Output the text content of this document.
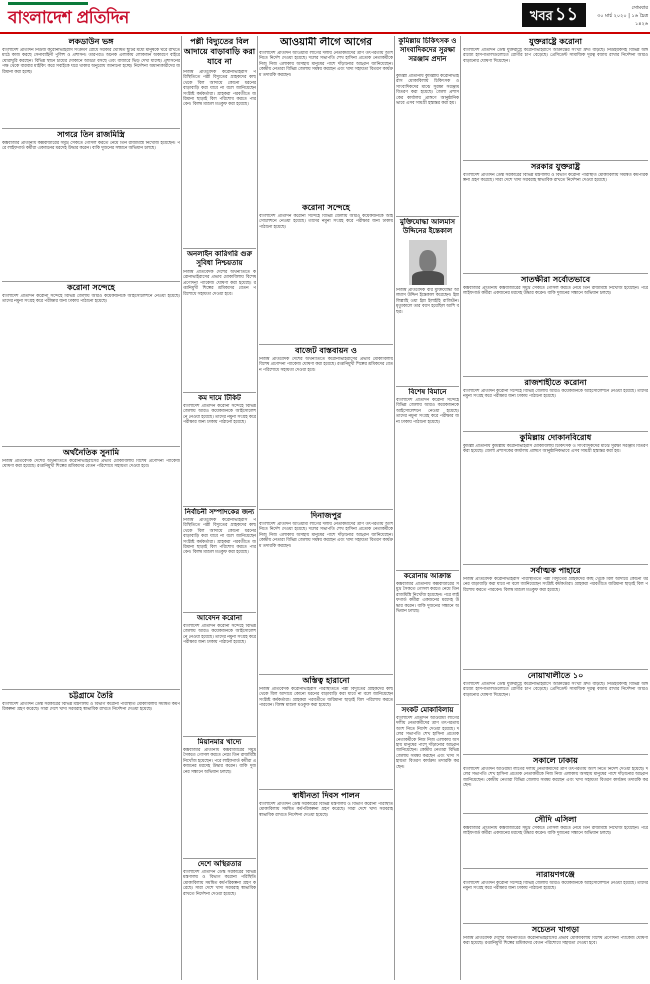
বাংলাদেশ প্রতিদিন	খবর ১১	সোমবার
৩০ মার্চ ২০২০ | ১৬ চৈত্র ১৪২৬
লকডাউন ভঙ্গ
বাংলাদেশ প্রতিদিন নিউজ করোনাভাইরাস সংক্রমণ রোধে সরকার ঘোষিত ছুটির মধ্যে মানুষকে ঘরে রাখতে মাঠে কাজ করছে সেনাবাহিনী পুলিশ ও প্রশাসন। তারপরও অনেক এলাকায় লোকজন অকারণে বাইরে ঘোরাঘুরি করছেন। বিভিন্ন স্থানে চায়ের দোকানে আড্ডা বসছে এবং বাজারে ভিড় দেখা যাচ্ছে। প্রশাসনের পক্ষ থেকে বারবার মাইকিং করে সবাইকে ঘরে থাকার অনুরোধ জানানো হচ্ছে। নির্দেশনা অমান্যকারীদের জরিমানা করা হচ্ছে।
সাগরে তিন রাজমিস্ত্রি
কক্সবাজার প্রতিনিধি কক্সবাজারের সমুদ্র সৈকতে গোসল করতে নেমে তিন রাজমিস্ত্রি নিখোঁজ হয়েছেন। পরে লাইফগার্ড কর্মীরা একজনের মরদেহ উদ্ধার করেন। বাকি দুজনের সন্ধানে অভিযান চলছে।
করোনা সন্দেহে
বাংলাদেশ প্রতিদিন করোনা সন্দেহে বিভিন্ন জেলায় আরও কয়েকজনকে আইসোলেশনে নেওয়া হয়েছে। তাদের নমুনা সংগ্রহ করে পরীক্ষার জন্য ঢাকায় পাঠানো হয়েছে।
অর্থনৈতিক সুনামি
নিজস্ব প্রতিবেদক দেশের অর্থনীতিতে করোনাভাইরাসের প্রভাব মোকাবিলায় বিশেষ প্রণোদনা প্যাকেজ ঘোষণা করা হয়েছে। রপ্তানিমুখী শিল্পের শ্রমিকদের বেতন পরিশোধে সহায়তা দেওয়া হবে।
চট্টগ্রামে তৈরি
বাংলাদেশ প্রতিদিন ডেস্ক সরকারের বিভিন্ন মন্ত্রণালয় ও বিভাগ করোনা পরিস্থিতি মোকাবিলায় সমন্বিত কর্মপরিকল্পনা গ্রহণ করেছে। সারা দেশে খাদ্য সরবরাহ স্বাভাবিক রাখতে নির্দেশনা দেওয়া হয়েছে।
পল্লী বিদ্যুতের বিল আদায়ে বাড়াবাড়ি করা যাবে না
নিজস্ব প্রতিবেদক করোনাভাইরাস পরিস্থিতিতে পল্লী বিদ্যুতের গ্রাহকদের কাছ থেকে বিল আদায়ে কোনো ধরনের বাড়াবাড়ি করা যাবে না বলে জানিয়েছেন সংশ্লিষ্ট কর্মকর্তারা। গ্রাহকরা পরবর্তীতে জরিমানা ছাড়াই বিল পরিশোধ করতে পারবেন। বিলম্ব মাশুল মওকুফ করা হয়েছে।
অনলাইন কারিগরি গুরু সুবিধা নিশ্চয়তায়
নিজস্ব প্রতিবেদক দেশের অর্থনীতিতে করোনাভাইরাসের প্রভাব মোকাবিলায় বিশেষ প্রণোদনা প্যাকেজ ঘোষণা করা হয়েছে। রপ্তানিমুখী শিল্পের শ্রমিকদের বেতন পরিশোধে সহায়তা দেওয়া হবে।
কম দামে টিকিট
বাংলাদেশ প্রতিদিন করোনা সন্দেহে বিভিন্ন জেলায় আরও কয়েকজনকে আইসোলেশনে নেওয়া হয়েছে। তাদের নমুনা সংগ্রহ করে পরীক্ষার জন্য ঢাকায় পাঠানো হয়েছে।
নির্বাচনী সম্পাদকের জন্য
নিজস্ব প্রতিবেদক করোনাভাইরাস পরিস্থিতিতে পল্লী বিদ্যুতের গ্রাহকদের কাছ থেকে বিল আদায়ে কোনো ধরনের বাড়াবাড়ি করা যাবে না বলে জানিয়েছেন সংশ্লিষ্ট কর্মকর্তারা। গ্রাহকরা পরবর্তীতে জরিমানা ছাড়াই বিল পরিশোধ করতে পারবেন। বিলম্ব মাশুল মওকুফ করা হয়েছে।
আবেদন করোনা
বাংলাদেশ প্রতিদিন করোনা সন্দেহে বিভিন্ন জেলায় আরও কয়েকজনকে আইসোলেশনে নেওয়া হয়েছে। তাদের নমুনা সংগ্রহ করে পরীক্ষার জন্য ঢাকায় পাঠানো হয়েছে।
মিয়ানমার খাদ্যে
কক্সবাজার প্রতিনিধি কক্সবাজারের সমুদ্র সৈকতে গোসল করতে নেমে তিন রাজমিস্ত্রি নিখোঁজ হয়েছেন। পরে লাইফগার্ড কর্মীরা একজনের মরদেহ উদ্ধার করেন। বাকি দুজনের সন্ধানে অভিযান চলছে।
দেশে অস্থিরতার
বাংলাদেশ প্রতিদিন ডেস্ক সরকারের বিভিন্ন মন্ত্রণালয় ও বিভাগ করোনা পরিস্থিতি মোকাবিলায় সমন্বিত কর্মপরিকল্পনা গ্রহণ করেছে। সারা দেশে খাদ্য সরবরাহ স্বাভাবিক রাখতে নির্দেশনা দেওয়া হয়েছে।
আওয়ামী লীগে আগের
বাংলাদেশ প্রতিদিন আওয়ামী লীগের দলীয় নেতাকর্মীদের ত্রাণ তৎপরতায় অংশ নিতে নির্দেশ দেওয়া হয়েছে। দলের সভাপতি শেখ হাসিনা প্রত্যেক নেতাকর্মীকে নিজ নিজ এলাকায় অসহায় মানুষের পাশে দাঁড়ানোর আহ্বান জানিয়েছেন। কেন্দ্রীয় নেতারা বিভিন্ন জেলায় সমন্বয় করছেন এবং খাদ্য সহায়তা বিতরণ কার্যক্রম তদারকি করছেন।
করোনা সন্দেহে
বাংলাদেশ প্রতিদিন করোনা সন্দেহে বিভিন্ন জেলায় আরও কয়েকজনকে আইসোলেশনে নেওয়া হয়েছে। তাদের নমুনা সংগ্রহ করে পরীক্ষার জন্য ঢাকায় পাঠানো হয়েছে।
বাজেট বাস্তবায়ন ও
নিজস্ব প্রতিবেদক দেশের অর্থনীতিতে করোনাভাইরাসের প্রভাব মোকাবিলায় বিশেষ প্রণোদনা প্যাকেজ ঘোষণা করা হয়েছে। রপ্তানিমুখী শিল্পের শ্রমিকদের বেতন পরিশোধে সহায়তা দেওয়া হবে।
দিনাজপুর
বাংলাদেশ প্রতিদিন আওয়ামী লীগের দলীয় নেতাকর্মীদের ত্রাণ তৎপরতায় অংশ নিতে নির্দেশ দেওয়া হয়েছে। দলের সভাপতি শেখ হাসিনা প্রত্যেক নেতাকর্মীকে নিজ নিজ এলাকায় অসহায় মানুষের পাশে দাঁড়ানোর আহ্বান জানিয়েছেন। কেন্দ্রীয় নেতারা বিভিন্ন জেলায় সমন্বয় করছেন এবং খাদ্য সহায়তা বিতরণ কার্যক্রম তদারকি করছেন।
অস্তিত্ব হারানো
নিজস্ব প্রতিবেদক করোনাভাইরাস পরিস্থিতিতে পল্লী বিদ্যুতের গ্রাহকদের কাছ থেকে বিল আদায়ে কোনো ধরনের বাড়াবাড়ি করা যাবে না বলে জানিয়েছেন সংশ্লিষ্ট কর্মকর্তারা। গ্রাহকরা পরবর্তীতে জরিমানা ছাড়াই বিল পরিশোধ করতে পারবেন। বিলম্ব মাশুল মওকুফ করা হয়েছে।
স্বাধীনতা দিবস পালন
বাংলাদেশ প্রতিদিন ডেস্ক সরকারের বিভিন্ন মন্ত্রণালয় ও বিভাগ করোনা পরিস্থিতি মোকাবিলায় সমন্বিত কর্মপরিকল্পনা গ্রহণ করেছে। সারা দেশে খাদ্য সরবরাহ স্বাভাবিক রাখতে নির্দেশনা দেওয়া হয়েছে।
কুমিল্লায় চিকিৎসক ও সাংবাদিকদের সুরক্ষা সরঞ্জাম প্রদান
কুমিল্লা প্রতিনিধি কুমিল্লায় করোনাভাইরাস মোকাবিলায় চিকিৎসক ও সাংবাদিকদের মাঝে সুরক্ষা সরঞ্জাম বিতরণ করা হয়েছে। জেলা প্রশাসকের কার্যালয় প্রাঙ্গণে আনুষ্ঠানিকভাবে এসব সামগ্রী হস্তান্তর করা হয়।
মুক্তিযোদ্ধা আলমাস উদ্দিনের ইন্তেকাল
নিজস্ব প্রতিবেদক বীর মুক্তিযোদ্ধা আলমাস উদ্দিন ইন্তেকাল করেছেন। ইন্না লিল্লাহি ওয়া ইন্না ইলাইহি রাজিউন। মৃত্যুকালে তার বয়স হয়েছিল আশি বছর।
বিশেষ বিমানে
বাংলাদেশ প্রতিদিন করোনা সন্দেহে বিভিন্ন জেলায় আরও কয়েকজনকে আইসোলেশনে নেওয়া হয়েছে। তাদের নমুনা সংগ্রহ করে পরীক্ষার জন্য ঢাকায় পাঠানো হয়েছে।
করোনায় আক্রান্ত
কক্সবাজার প্রতিনিধি কক্সবাজারের সমুদ্র সৈকতে গোসল করতে নেমে তিন রাজমিস্ত্রি নিখোঁজ হয়েছেন। পরে লাইফগার্ড কর্মীরা একজনের মরদেহ উদ্ধার করেন। বাকি দুজনের সন্ধানে অভিযান চলছে।
সংকট মোকাবিলায়
বাংলাদেশ প্রতিদিন আওয়ামী লীগের দলীয় নেতাকর্মীদের ত্রাণ তৎপরতায় অংশ নিতে নির্দেশ দেওয়া হয়েছে। দলের সভাপতি শেখ হাসিনা প্রত্যেক নেতাকর্মীকে নিজ নিজ এলাকায় অসহায় মানুষের পাশে দাঁড়ানোর আহ্বান জানিয়েছেন। কেন্দ্রীয় নেতারা বিভিন্ন জেলায় সমন্বয় করছেন এবং খাদ্য সহায়তা বিতরণ কার্যক্রম তদারকি করছেন।
যুক্তরাষ্ট্রে করোনা
বাংলাদেশ প্রতিদিন ডেস্ক যুক্তরাষ্ট্রে করোনাভাইরাসে আক্রান্তের সংখ্যা দ্রুত বাড়ছে। নিউইয়র্কসহ বিভিন্ন অঙ্গরাজ্যে হাসপাতালগুলোতে রোগীর চাপ বেড়েছে। প্রেসিডেন্ট সামাজিক দূরত্ব বজায় রাখার নির্দেশনা আরও বাড়ানোর ঘোষণা দিয়েছেন।
সরকার যুক্তরাষ্ট্র
বাংলাদেশ প্রতিদিন ডেস্ক সরকারের বিভিন্ন মন্ত্রণালয় ও বিভাগ করোনা পরিস্থিতি মোকাবিলায় সমন্বিত কর্মপরিকল্পনা গ্রহণ করেছে। সারা দেশে খাদ্য সরবরাহ স্বাভাবিক রাখতে নির্দেশনা দেওয়া হয়েছে।
সাতক্ষীরা সর্বোতভাবে
কক্সবাজার প্রতিনিধি কক্সবাজারের সমুদ্র সৈকতে গোসল করতে নেমে তিন রাজমিস্ত্রি নিখোঁজ হয়েছেন। পরে লাইফগার্ড কর্মীরা একজনের মরদেহ উদ্ধার করেন। বাকি দুজনের সন্ধানে অভিযান চলছে।
রাজশাহীতে করোনা
বাংলাদেশ প্রতিদিন করোনা সন্দেহে বিভিন্ন জেলায় আরও কয়েকজনকে আইসোলেশনে নেওয়া হয়েছে। তাদের নমুনা সংগ্রহ করে পরীক্ষার জন্য ঢাকায় পাঠানো হয়েছে।
কুমিল্লায় দোকানবিরোধ
কুমিল্লা প্রতিনিধি কুমিল্লায় করোনাভাইরাস মোকাবিলায় চিকিৎসক ও সাংবাদিকদের মাঝে সুরক্ষা সরঞ্জাম বিতরণ করা হয়েছে। জেলা প্রশাসকের কার্যালয় প্রাঙ্গণে আনুষ্ঠানিকভাবে এসব সামগ্রী হস্তান্তর করা হয়।
সর্বাত্মক পাহারে
নিজস্ব প্রতিবেদক করোনাভাইরাস পরিস্থিতিতে পল্লী বিদ্যুতের গ্রাহকদের কাছ থেকে বিল আদায়ে কোনো ধরনের বাড়াবাড়ি করা যাবে না বলে জানিয়েছেন সংশ্লিষ্ট কর্মকর্তারা। গ্রাহকরা পরবর্তীতে জরিমানা ছাড়াই বিল পরিশোধ করতে পারবেন। বিলম্ব মাশুল মওকুফ করা হয়েছে।
নোয়াখালীতে ১০
বাংলাদেশ প্রতিদিন ডেস্ক যুক্তরাষ্ট্রে করোনাভাইরাসে আক্রান্তের সংখ্যা দ্রুত বাড়ছে। নিউইয়র্কসহ বিভিন্ন অঙ্গরাজ্যে হাসপাতালগুলোতে রোগীর চাপ বেড়েছে। প্রেসিডেন্ট সামাজিক দূরত্ব বজায় রাখার নির্দেশনা আরও বাড়ানোর ঘোষণা দিয়েছেন।
সকালে ঢাকায়
বাংলাদেশ প্রতিদিন আওয়ামী লীগের দলীয় নেতাকর্মীদের ত্রাণ তৎপরতায় অংশ নিতে নির্দেশ দেওয়া হয়েছে। দলের সভাপতি শেখ হাসিনা প্রত্যেক নেতাকর্মীকে নিজ নিজ এলাকায় অসহায় মানুষের পাশে দাঁড়ানোর আহ্বান জানিয়েছেন। কেন্দ্রীয় নেতারা বিভিন্ন জেলায় সমন্বয় করছেন এবং খাদ্য সহায়তা বিতরণ কার্যক্রম তদারকি করছেন।
সৌদি এসিলা
কক্সবাজার প্রতিনিধি কক্সবাজারের সমুদ্র সৈকতে গোসল করতে নেমে তিন রাজমিস্ত্রি নিখোঁজ হয়েছেন। পরে লাইফগার্ড কর্মীরা একজনের মরদেহ উদ্ধার করেন। বাকি দুজনের সন্ধানে অভিযান চলছে।
নারায়ণগঞ্জে
বাংলাদেশ প্রতিদিন করোনা সন্দেহে বিভিন্ন জেলায় আরও কয়েকজনকে আইসোলেশনে নেওয়া হয়েছে। তাদের নমুনা সংগ্রহ করে পরীক্ষার জন্য ঢাকায় পাঠানো হয়েছে।
সচেতন খাগড়া
নিজস্ব প্রতিবেদক দেশের অর্থনীতিতে করোনাভাইরাসের প্রভাব মোকাবিলায় বিশেষ প্রণোদনা প্যাকেজ ঘোষণা করা হয়েছে। রপ্তানিমুখী শিল্পের শ্রমিকদের বেতন পরিশোধে সহায়তা দেওয়া হবে।
